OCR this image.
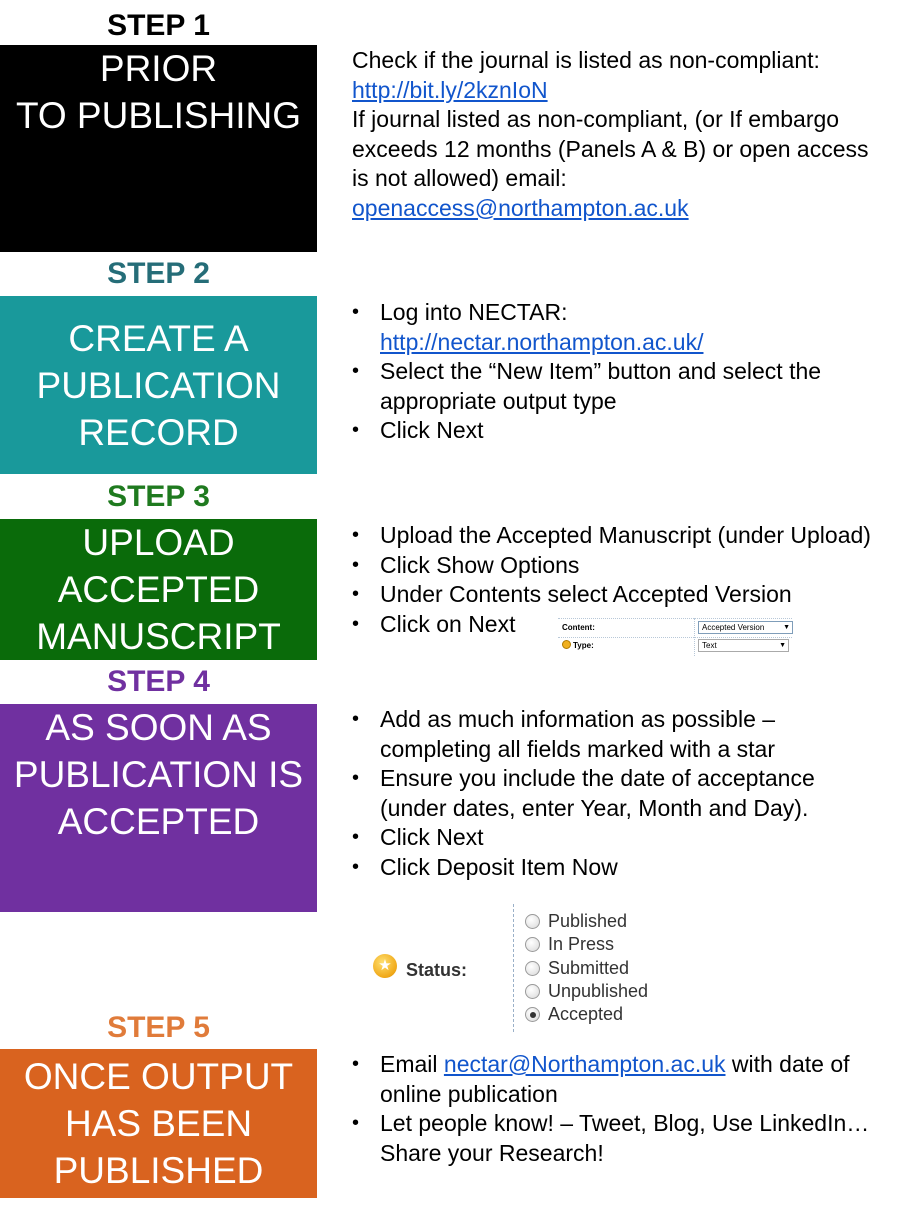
STEP 1
PRIOR
TO PUBLISHING
Check if the journal is listed as non-compliant:
http://bit.ly/2kznIoN
If journal listed as non-compliant, (or If embargo
exceeds 12 months (Panels A & B) or open access
is not allowed) email:
openaccess@northampton.ac.uk
STEP 2
CREATE A
PUBLICATION
RECORD
• Log into NECTAR:
http://nectar.northampton.ac.uk/
• Select the “New Item” button and select the
appropriate output type
• Click Next
STEP 3
UPLOAD
ACCEPTED
MANUSCRIPT
• Upload the Accepted Manuscript (under Upload)
• Click Show Options
• Under Contents select Accepted Version
• Click on Next	Content:	Accepted Version	▼
Type:	Text	▼
STEP 4
AS SOON AS
PUBLICATION IS
ACCEPTED
• Add as much information as possible –
completing all fields marked with a star
• Ensure you include the date of acceptance
(under dates, enter Year, Month and Day).
• Click Next
• Click Deposit Item Now
★ Status:
Published
In Press
Submitted
Unpublished
Accepted
STEP 5
ONCE OUTPUT
HAS BEEN
PUBLISHED
• Email nectar@Northampton.ac.uk with date of
online publication
• Let people know! – Tweet, Blog, Use LinkedIn…
Share your Research!
